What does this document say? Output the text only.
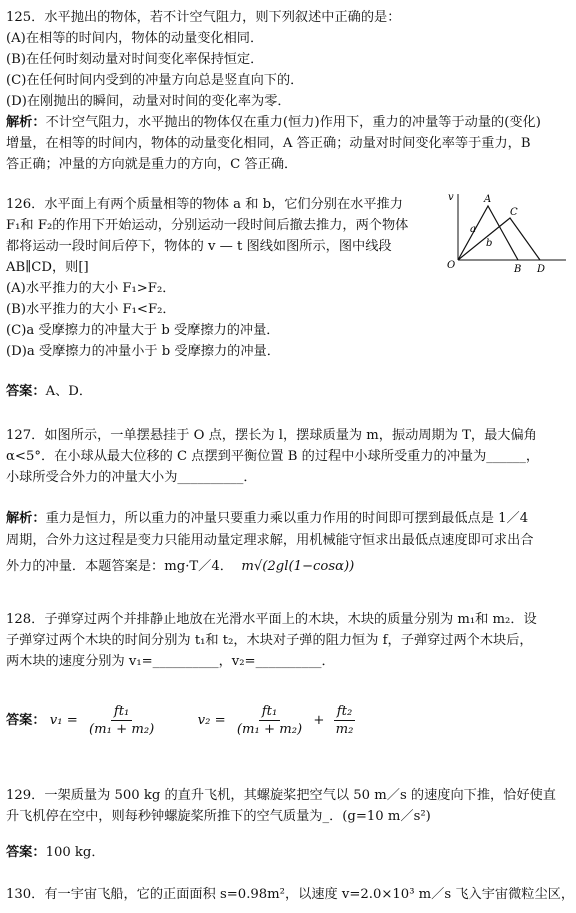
125．水平抛出的物体，若不计空气阻力，则下列叙述中正确的是：
(A)在相等的时间内，物体的动量变化相同．
(B)在任何时刻动量对时间变化率保持恒定．
(C)在任何时间内受到的冲量方向总是竖直向下的．
(D)在刚抛出的瞬间，动量对时间的变化率为零．
解析：不计空气阻力，水平抛出的物体仅在重力(恒力)作用下，重力的冲量等于动量的(变化)
增量，在相等的时间内，物体的动量变化相同，A 答正确；动量对时间变化率等于重力，B
答正确；冲量的方向就是重力的方向，C 答正确．
126．水平面上有两个质量相等的物体 a 和 b，它们分别在水平推力
F₁和 F₂的作用下开始运动，分别运动一段时间后撤去推力，两个物体
都将运动一段时间后停下，物体的 v — t 图线如图所示，图中线段
AB∥CD，则[]
(A)水平推力的大小 F₁>F₂．
(B)水平推力的大小 F₁<F₂．
(C)a 受摩擦力的冲量大于 b 受摩擦力的冲量．
(D)a 受摩擦力的冲量小于 b 受摩擦力的冲量．
v
O
A
C
a
b
B D
答案：A、D．
127．如图所示，一单摆悬挂于 O 点，摆长为 l，摆球质量为 m，振动周期为 T，最大偏角
α<5°．在小球从最大位移的 C 点摆到平衡位置 B 的过程中小球所受重力的冲量为______，
小球所受合外力的冲量大小为__________．
解析：重力是恒力，所以重力的冲量只要重力乘以重力作用的时间即可摆到最低点是 1／4
周期，合外力这过程是变力只能用动量定理求解，用机械能守恒求出最低点速度即可求出合
外力的冲量．本题答案是：mg·T／4． m√(2gl(1−cosα))
128．子弹穿过两个并排静止地放在光滑水平面上的木块，木块的质量分别为 m₁和 m₂．设
子弹穿过两个木块的时间分别为 t₁和 t₂，木块对子弹的阻力恒为 f，子弹穿过两个木块后，
两木块的速度分别为 v₁=__________，v₂=__________．
答案： $v_1 = \frac{\text{ft₁}}{\text{(m₁ + m₂)}}$	$v_2 = \frac{\text{ft₁}}{\text{(m₁ + m₂)}} + \frac{\text{ft₂}}{\text{m₂}}$
129．一架质量为 500 kg 的直升飞机，其螺旋桨把空气以 50 m／s 的速度向下推，恰好使直
升飞机停在空中，则每秒钟螺旋桨所推下的空气质量为_．(g=10 m／s²)
答案：100 kg．
130．有一宇宙飞船，它的正面面积 s=0.98m²，以速度 v=2.0×10³ m／s 飞入宇宙微粒尘区，
